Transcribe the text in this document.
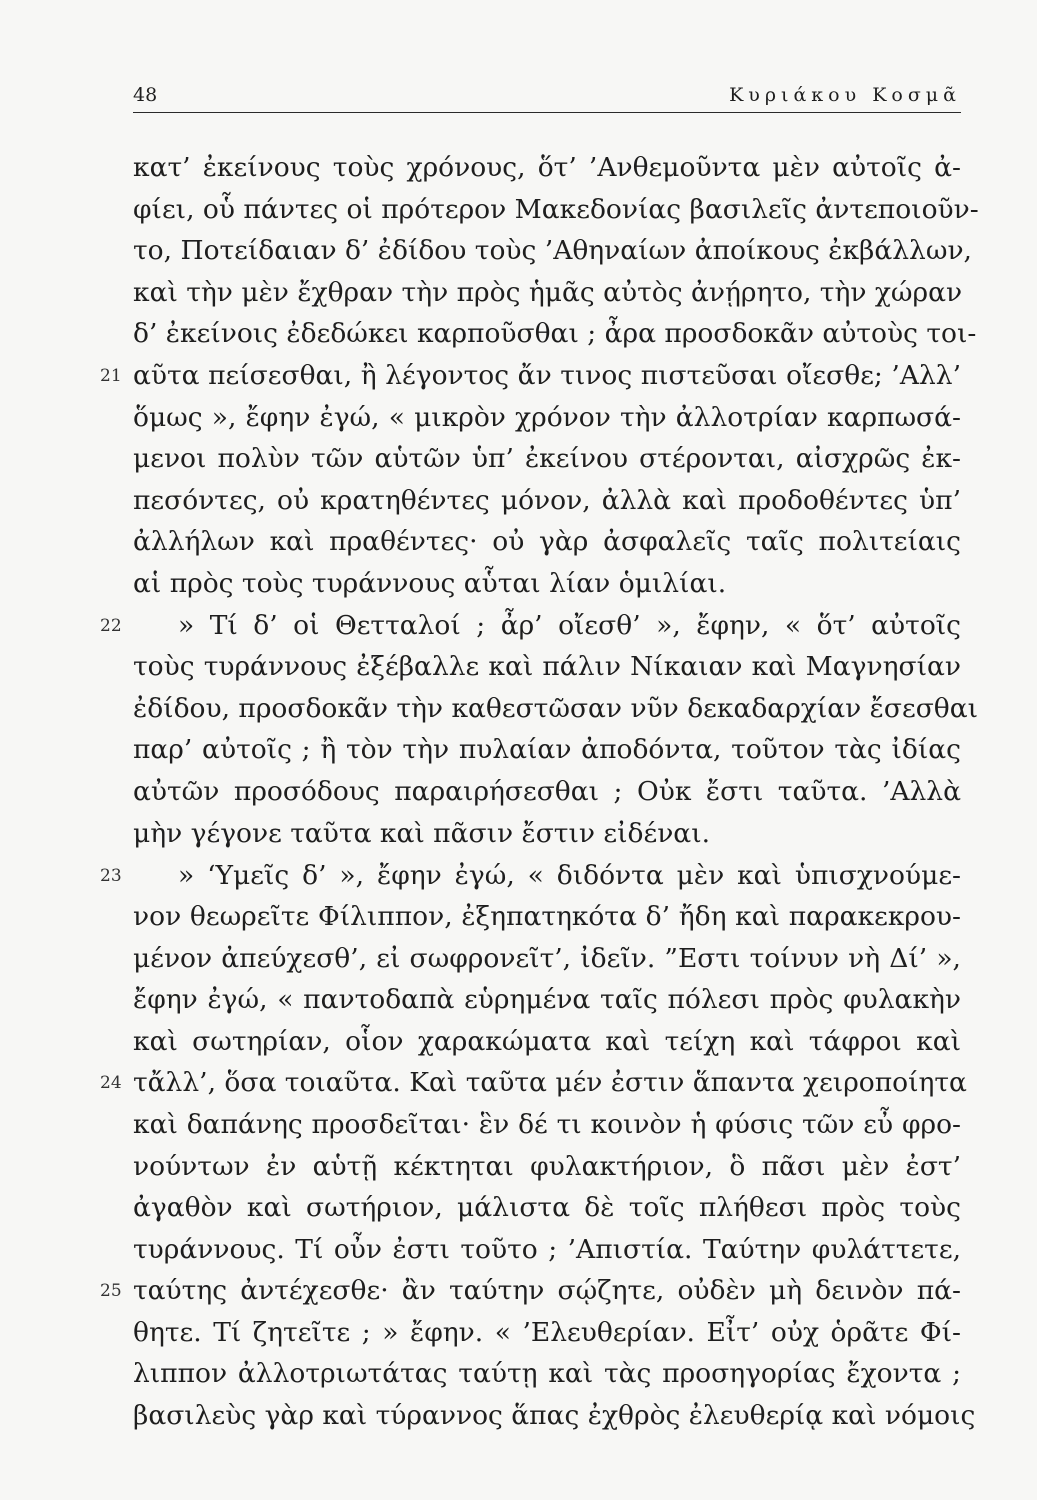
48	Κυριάκου Κοσμᾶ
21
22
23
24
25
κατ’ ἐκείνους τοὺς χρόνους, ὅτ’ ’Ανθεμοῦντα μὲν αὐτοῖς ἀ-
φίει, οὗ πάντες οἱ πρότερον Μακεδονίας βασιλεῖς ἀντεποιοῦν-
το, Ποτείδαιαν δ’ ἐδίδου τοὺς ’Αθηναίων ἀποίκους ἐκβάλλων,
καὶ τὴν μὲν ἔχθραν τὴν πρὸς ἡμᾶς αὐτὸς ἀνῄρητο, τὴν χώραν
δ’ ἐκείνοις ἐδεδώκει καρποῦσθαι ; ἆρα προσδοκᾶν αὐτοὺς τοι-
αῦτα πείσεσθαι, ἢ λέγοντος ἄν τινος πιστεῦσαι οἴεσθε; ’Αλλ’
ὅμως », ἔφην ἐγώ, « μικρὸν χρόνον τὴν ἀλλοτρίαν καρπωσά-
μενοι πολὺν τῶν αὑτῶν ὑπ’ ἐκείνου στέρονται, αἰσχρῶς ἐκ-
πεσόντες, οὐ κρατηθέντες μόνον, ἀλλὰ καὶ προδοθέντες ὑπ’
ἀλλήλων καὶ πραθέντες· οὐ γὰρ ἀσφαλεῖς ταῖς πολιτείαις
αἱ πρὸς τοὺς τυράννους αὗται λίαν ὁμιλίαι.
» Τί δ’ οἱ Θετταλοί ; ἆρ’ οἴεσθ’ », ἔφην, « ὅτ’ αὐτοῖς
τοὺς τυράννους ἐξέβαλλε καὶ πάλιν Νίκαιαν καὶ Μαγνησίαν
ἐδίδου, προσδοκᾶν τὴν καθεστῶσαν νῦν δεκαδαρχίαν ἔσεσθαι
παρ’ αὐτοῖς ; ἢ τὸν τὴν πυλαίαν ἀποδόντα, τοῦτον τὰς ἰδίας
αὐτῶν προσόδους παραιρήσεσθαι ; Οὐκ ἔστι ταῦτα. ’Αλλὰ
μὴν γέγονε ταῦτα καὶ πᾶσιν ἔστιν εἰδέναι.
» ‘Υμεῖς δ’ », ἔφην ἐγώ, « διδόντα μὲν καὶ ὑπισχνούμε-
νον θεωρεῖτε Φίλιππον, ἐξηπατηκότα δ’ ἤδη καὶ παρακεκρου-
μένον ἀπεύχεσθ’, εἰ σωφρονεῖτ’, ἰδεῖν. ”Εστι τοίνυν νὴ Δί’ »,
ἔφην ἐγώ, « παντοδαπὰ εὑρημένα ταῖς πόλεσι πρὸς φυλακὴν
καὶ σωτηρίαν, οἷον χαρακώματα καὶ τείχη καὶ τάφροι καὶ
τἄλλ’, ὅσα τοιαῦτα. Καὶ ταῦτα μέν ἐστιν ἅπαντα χειροποίητα
καὶ δαπάνης προσδεῖται· ἓν δέ τι κοινὸν ἡ φύσις τῶν εὖ φρο-
νούντων ἐν αὑτῇ κέκτηται φυλακτήριον, ὃ πᾶσι μὲν ἐστ’
ἀγαθὸν καὶ σωτήριον, μάλιστα δὲ τοῖς πλήθεσι πρὸς τοὺς
τυράννους. Τί οὖν ἐστι τοῦτο ; ’Απιστία. Ταύτην φυλάττετε,
ταύτης ἀντέχεσθε· ἂν ταύτην σῴζητε, οὐδὲν μὴ δεινὸν πά-
θητε. Τί ζητεῖτε ; » ἔφην. « ’Ελευθερίαν. Εἶτ’ οὐχ ὁρᾶτε Φί-
λιππον ἀλλοτριωτάτας ταύτῃ καὶ τὰς προσηγορίας ἔχοντα ;
βασιλεὺς γὰρ καὶ τύραννος ἅπας ἐχθρὸς ἐλευθερίᾳ καὶ νόμοις
